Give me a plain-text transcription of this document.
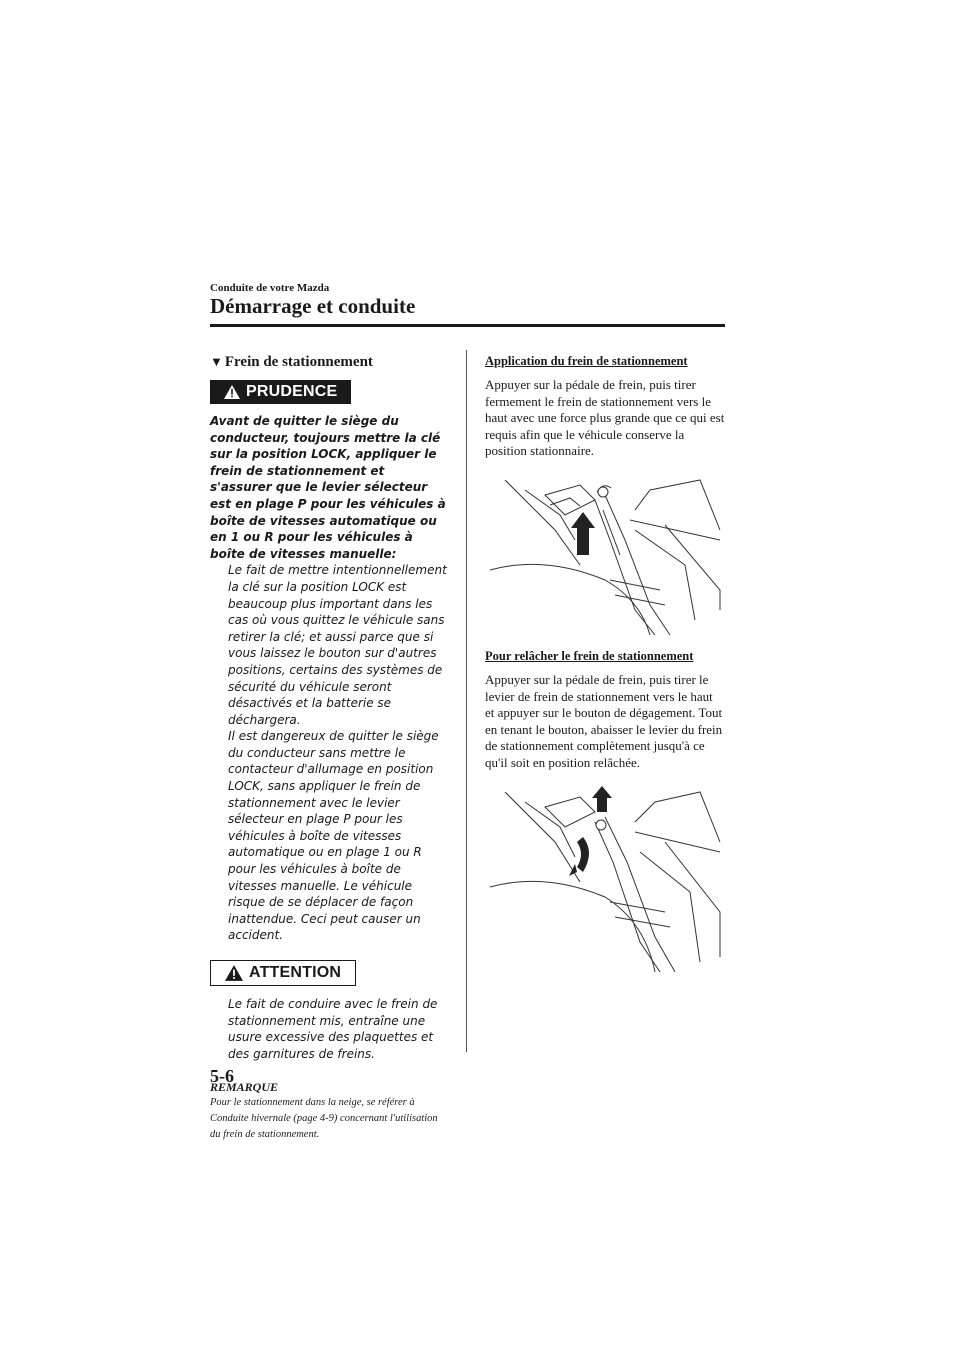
Conduite de votre Mazda
Démarrage et conduite

▼ Frein de stationnement

PRUDENCE

Avant de quitter le siège du conducteur, toujours mettre la clé sur la position LOCK, appliquer le frein de stationnement et s'assurer que le levier sélecteur est en plage P pour les véhicules à boîte de vitesses automatique ou en 1 ou R pour les véhicules à boîte de vitesses manuelle:

Le fait de mettre intentionnellement la clé sur la position LOCK est beaucoup plus important dans les cas où vous quittez le véhicule sans retirer la clé; et aussi parce que si vous laissez le bouton sur d'autres positions, certains des systèmes de sécurité du véhicule seront désactivés et la batterie se déchargera.

Il est dangereux de quitter le siège du conducteur sans mettre le contacteur d'allumage en position LOCK, sans appliquer le frein de stationnement avec le levier sélecteur en plage P pour les véhicules à boîte de vitesses automatique ou en plage 1 ou R pour les véhicules à boîte de vitesses manuelle. Le véhicule risque de se déplacer de façon inattendue. Ceci peut causer un accident.

ATTENTION

Le fait de conduire avec le frein de stationnement mis, entraîne une usure excessive des plaquettes et des garnitures de freins.

REMARQUE

Pour le stationnement dans la neige, se référer à Conduite hivernale (page 4-9) concernant l'utilisation du frein de stationnement.

Application du frein de stationnement

Appuyer sur la pédale de frein, puis tirer fermement le frein de stationnement vers le haut avec une force plus grande que ce qui est requis afin que le véhicule conserve la position stationnaire.

Pour relâcher le frein de stationnement

Appuyer sur la pédale de frein, puis tirer le levier de frein de stationnement vers le haut et appuyer sur le bouton de dégagement. Tout en tenant le bouton, abaisser le levier du frein de stationnement complètement jusqu'à ce qu'il soit en position relâchée.

5-6
